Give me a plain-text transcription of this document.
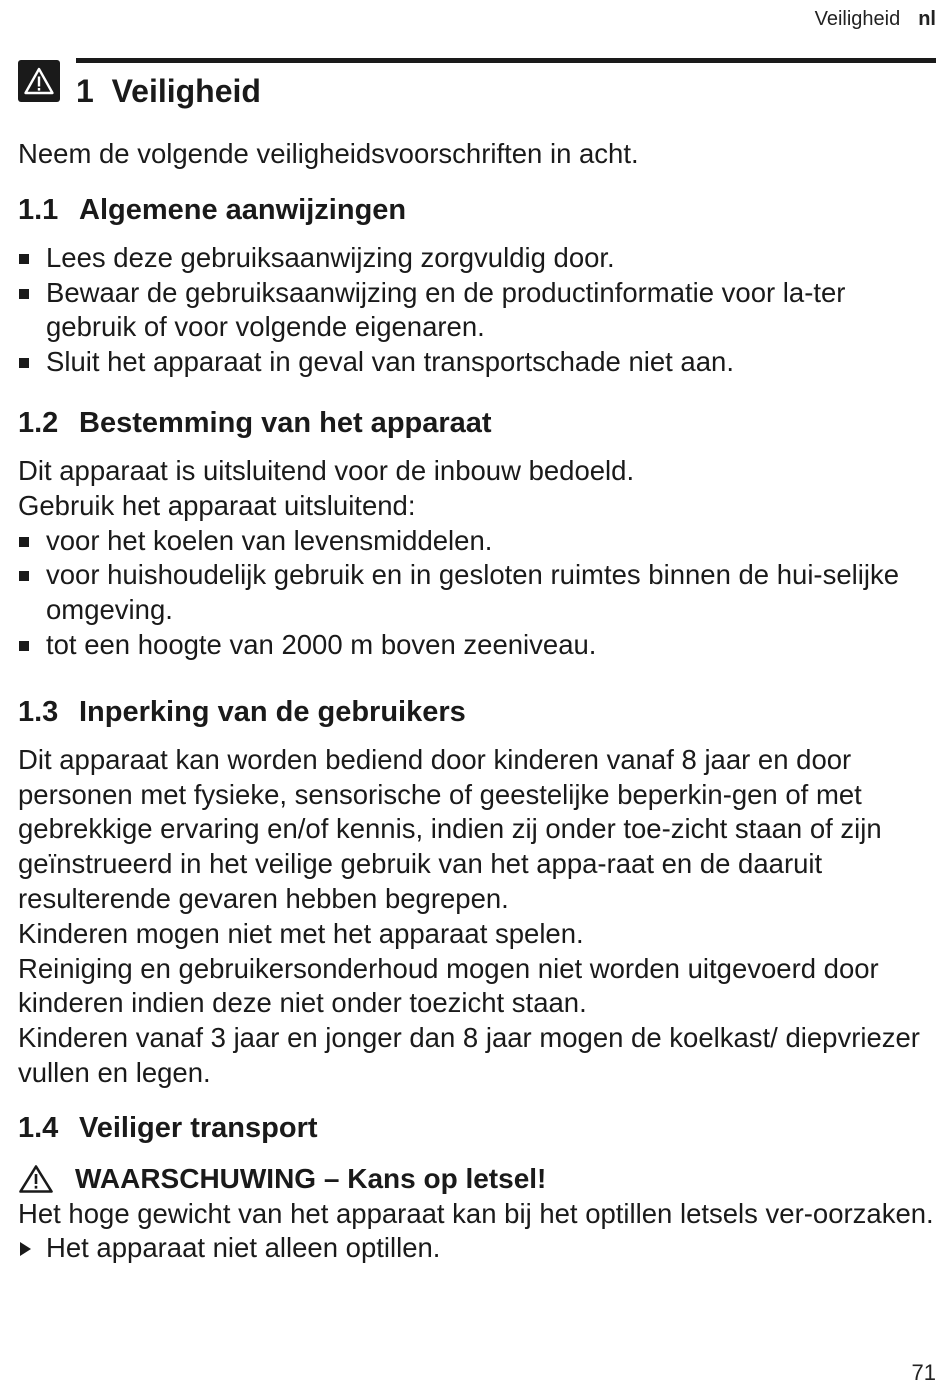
Veiligheid nl
1 Veiligheid

Neem de volgende veiligheidsvoorschriften in acht.

1.1 Algemene aanwijzingen
Lees deze gebruiksaanwijzing zorgvuldig door.
Bewaar de gebruiksaanwijzing en de productinformatie voor la-ter gebruik of voor volgende eigenaren.
Sluit het apparaat in geval van transportschade niet aan.
1.2 Bestemming van het apparaat

Dit apparaat is uitsluitend voor de inbouw bedoeld.

Gebruik het apparaat uitsluitend:

voor het koelen van levensmiddelen.
voor huishoudelijk gebruik en in gesloten ruimtes binnen de hui-selijke omgeving.
tot een hoogte van 2000 m boven zeeniveau.
1.3 Inperking van de gebruikers

Dit apparaat kan worden bediend door kinderen vanaf 8 jaar en door personen met fysieke, sensorische of geestelijke beperkin-gen of met gebrekkige ervaring en/of kennis, indien zij onder toe-zicht staan of zijn geïnstrueerd in het veilige gebruik van het appa-raat en de daaruit resulterende gevaren hebben begrepen.

Kinderen mogen niet met het apparaat spelen.

Reiniging en gebruikersonderhoud mogen niet worden uitgevoerd door kinderen indien deze niet onder toezicht staan.

Kinderen vanaf 3 jaar en jonger dan 8 jaar mogen de koelkast/ diepvriezer vullen en legen.

1.4 Veiliger transport
WAARSCHUWING – Kans op letsel!

Het hoge gewicht van het apparaat kan bij het optillen letsels ver-oorzaken.

Het apparaat niet alleen optillen.
71
